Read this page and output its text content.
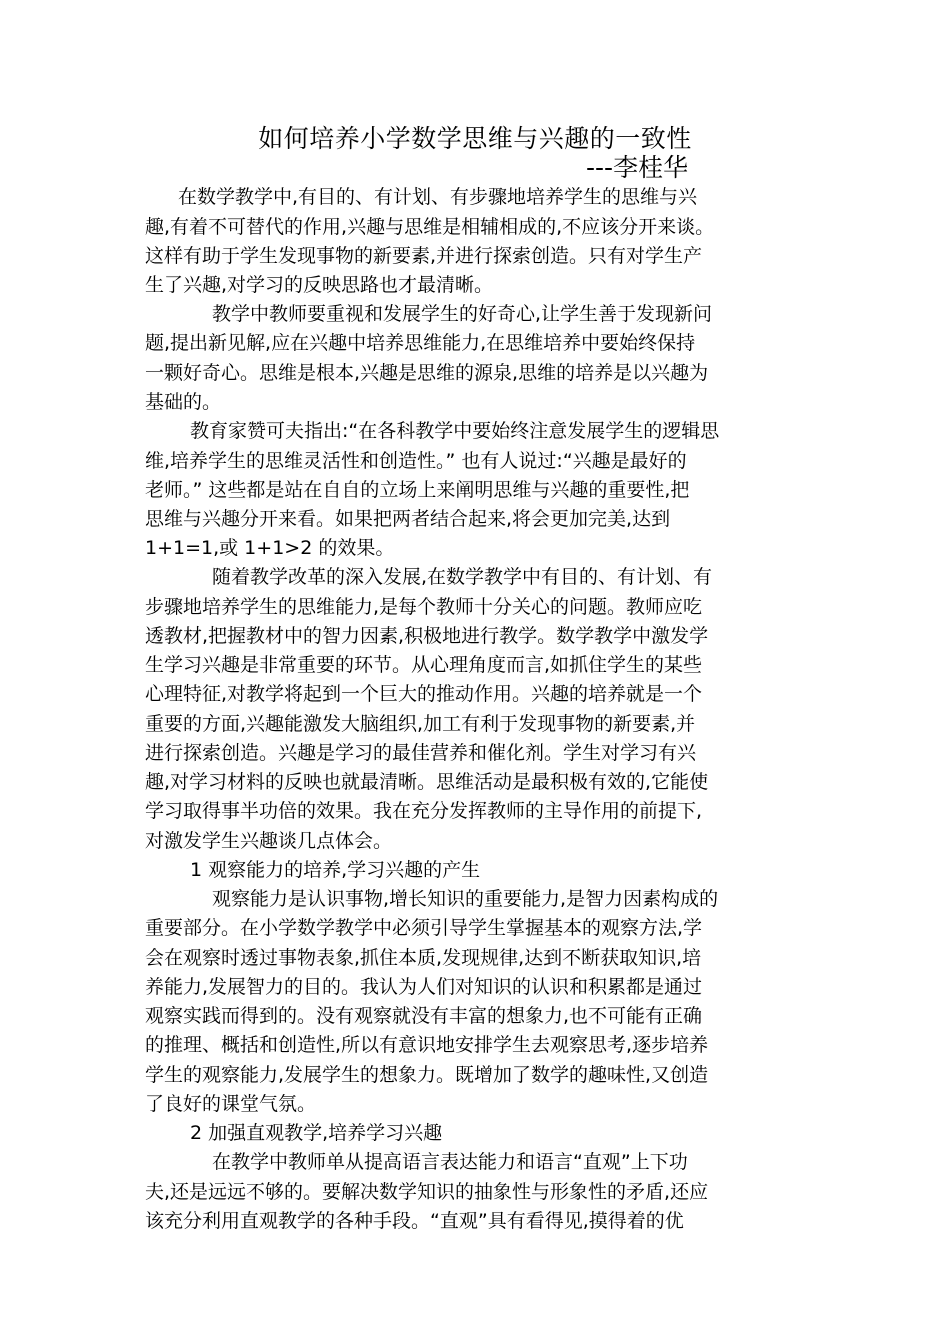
如何培养小学数学思维与兴趣的一致性
---李桂华
在数学教学中,有目的、有计划、有步骤地培养学生的思维与兴
趣,有着不可替代的作用,兴趣与思维是相辅相成的,不应该分开来谈。
这样有助于学生发现事物的新要素,并进行探索创造。只有对学生产
生了兴趣,对学习的反映思路也才最清晰。
教学中教师要重视和发展学生的好奇心,让学生善于发现新问
题,提出新见解,应在兴趣中培养思维能力,在思维培养中要始终保持
一颗好奇心。思维是根本,兴趣是思维的源泉,思维的培养是以兴趣为
基础的。
教育家赞可夫指出:“在各科教学中要始终注意发展学生的逻辑思
维,培养学生的思维灵活性和创造性。” 也有人说过:“兴趣是最好的
老师。” 这些都是站在自自的立场上来阐明思维与兴趣的重要性,把
思维与兴趣分开来看。如果把两者结合起来,将会更加完美,达到
1+1=1,或 1+1>2 的效果。
随着教学改革的深入发展,在数学教学中有目的、有计划、有
步骤地培养学生的思维能力,是每个教师十分关心的问题。教师应吃
透教材,把握教材中的智力因素,积极地进行教学。数学教学中激发学
生学习兴趣是非常重要的环节。从心理角度而言,如抓住学生的某些
心理特征,对教学将起到一个巨大的推动作用。兴趣的培养就是一个
重要的方面,兴趣能激发大脑组织,加工有利于发现事物的新要素,并
进行探索创造。兴趣是学习的最佳营养和催化剂。学生对学习有兴
趣,对学习材料的反映也就最清晰。思维活动是最积极有效的,它能使
学习取得事半功倍的效果。我在充分发挥教师的主导作用的前提下,
对激发学生兴趣谈几点体会。
1 观察能力的培养,学习兴趣的产生
观察能力是认识事物,增长知识的重要能力,是智力因素构成的
重要部分。在小学数学教学中必须引导学生掌握基本的观察方法,学
会在观察时透过事物表象,抓住本质,发现规律,达到不断获取知识,培
养能力,发展智力的目的。我认为人们对知识的认识和积累都是通过
观察实践而得到的。没有观察就没有丰富的想象力,也不可能有正确
的推理、概括和创造性,所以有意识地安排学生去观察思考,逐步培养
学生的观察能力,发展学生的想象力。既增加了数学的趣味性,又创造
了良好的课堂气氛。
2 加强直观教学,培养学习兴趣
在教学中教师单从提高语言表达能力和语言“直观”上下功
夫,还是远远不够的。要解决数学知识的抽象性与形象性的矛盾,还应
该充分利用直观教学的各种手段。“直观”具有看得见,摸得着的优
